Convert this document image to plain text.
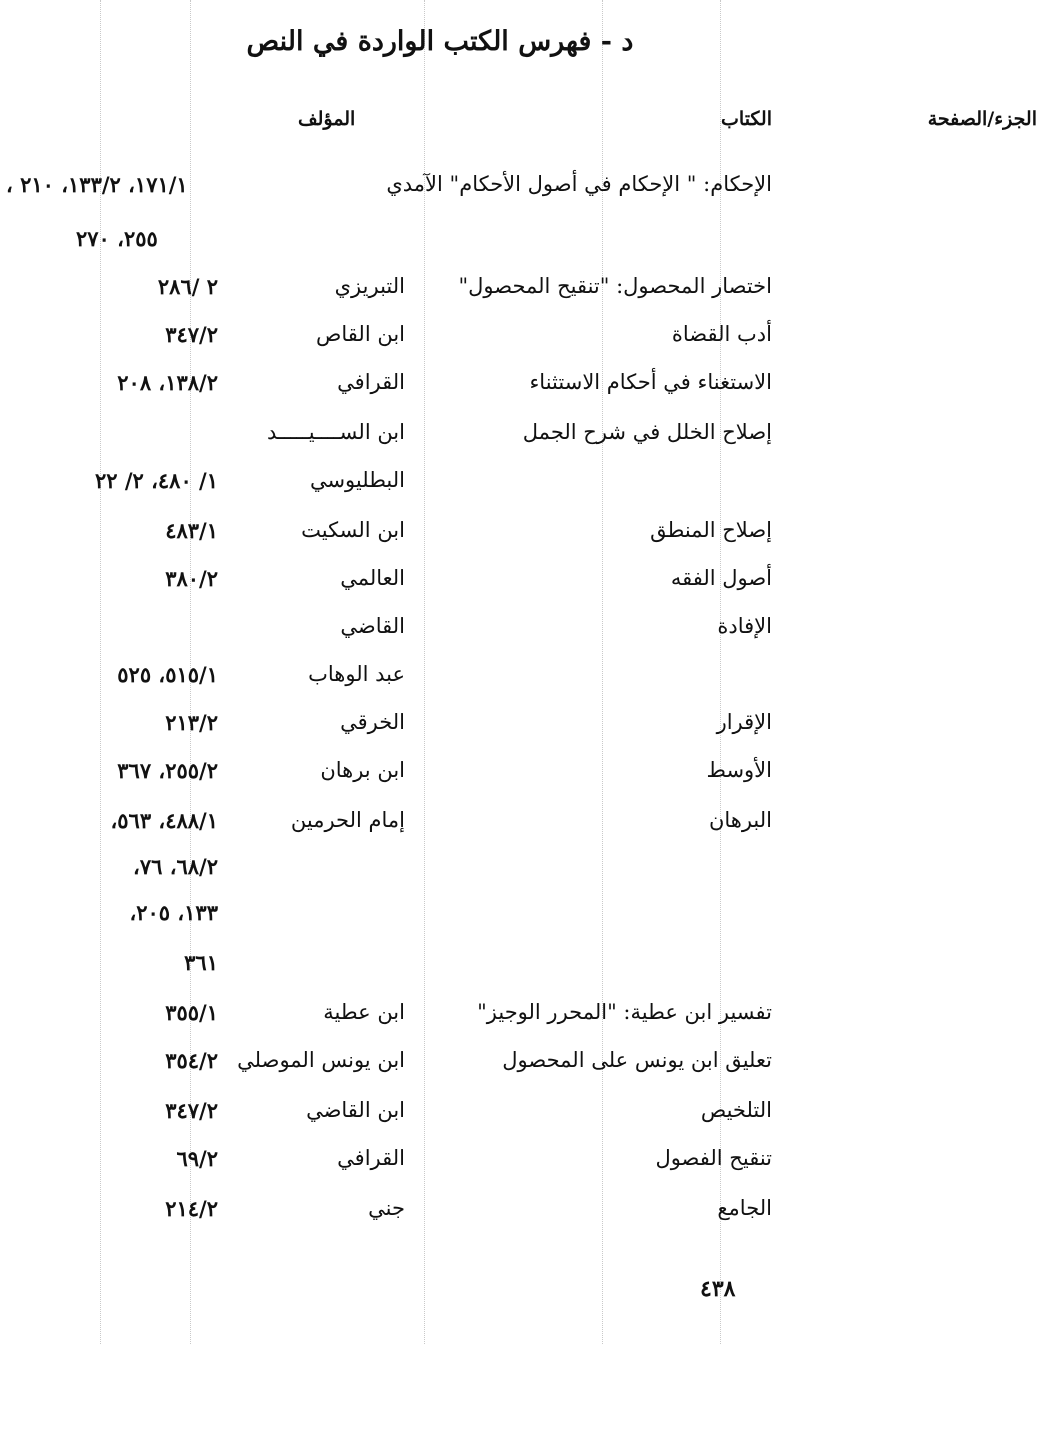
د - فهرس الكتب الواردة في النص
الكتاب
المؤلف	الجزء/الصفحة
الإحكام: " الإحكام في أصول الأحكام" الآمدي
١٧١/١، ١٣٣/٢، ٢١٠ ،
٢٥٥، ٢٧٠
اختصار المحصول: "تنقيح المحصول"
التبريزي
٢ /٢٨٦
أدب القضاة
ابن القاص
٣٤٧/٢
الاستغناء في أحكام الاستثناء
القرافي
١٣٨/٢، ٢٠٨
إصلاح الخلل في شرح الجمل
ابن الســــيـــــد
البطليوسي
١/ ٤٨٠، ٢/ ٢٢
إصلاح المنطق
ابن السكيت
٤٨٣/١
أصول الفقه
العالمي
٣٨٠/٢
الإفادة
القاضي
عبد الوهاب
٥١٥/١، ٥٢٥
الإقرار
الخرقي
٢١٣/٢
الأوسط
ابن برهان
٢٥٥/٢، ٣٦٧
البرهان
إمام الحرمين
٤٨٨/١، ٥٦٣،
٦٨/٢، ٧٦،
١٣٣، ٢٠٥،
٣٦١
تفسير ابن عطية: "المحرر الوجيز"
ابن عطية
٣٥٥/١
تعليق ابن يونس على المحصول
ابن يونس الموصلي
٣٥٤/٢
التلخيص
ابن القاضي
٣٤٧/٢
تنقيح الفصول
القرافي
٦٩/٢
الجامع
جني
٢١٤/٢
٤٣٨
